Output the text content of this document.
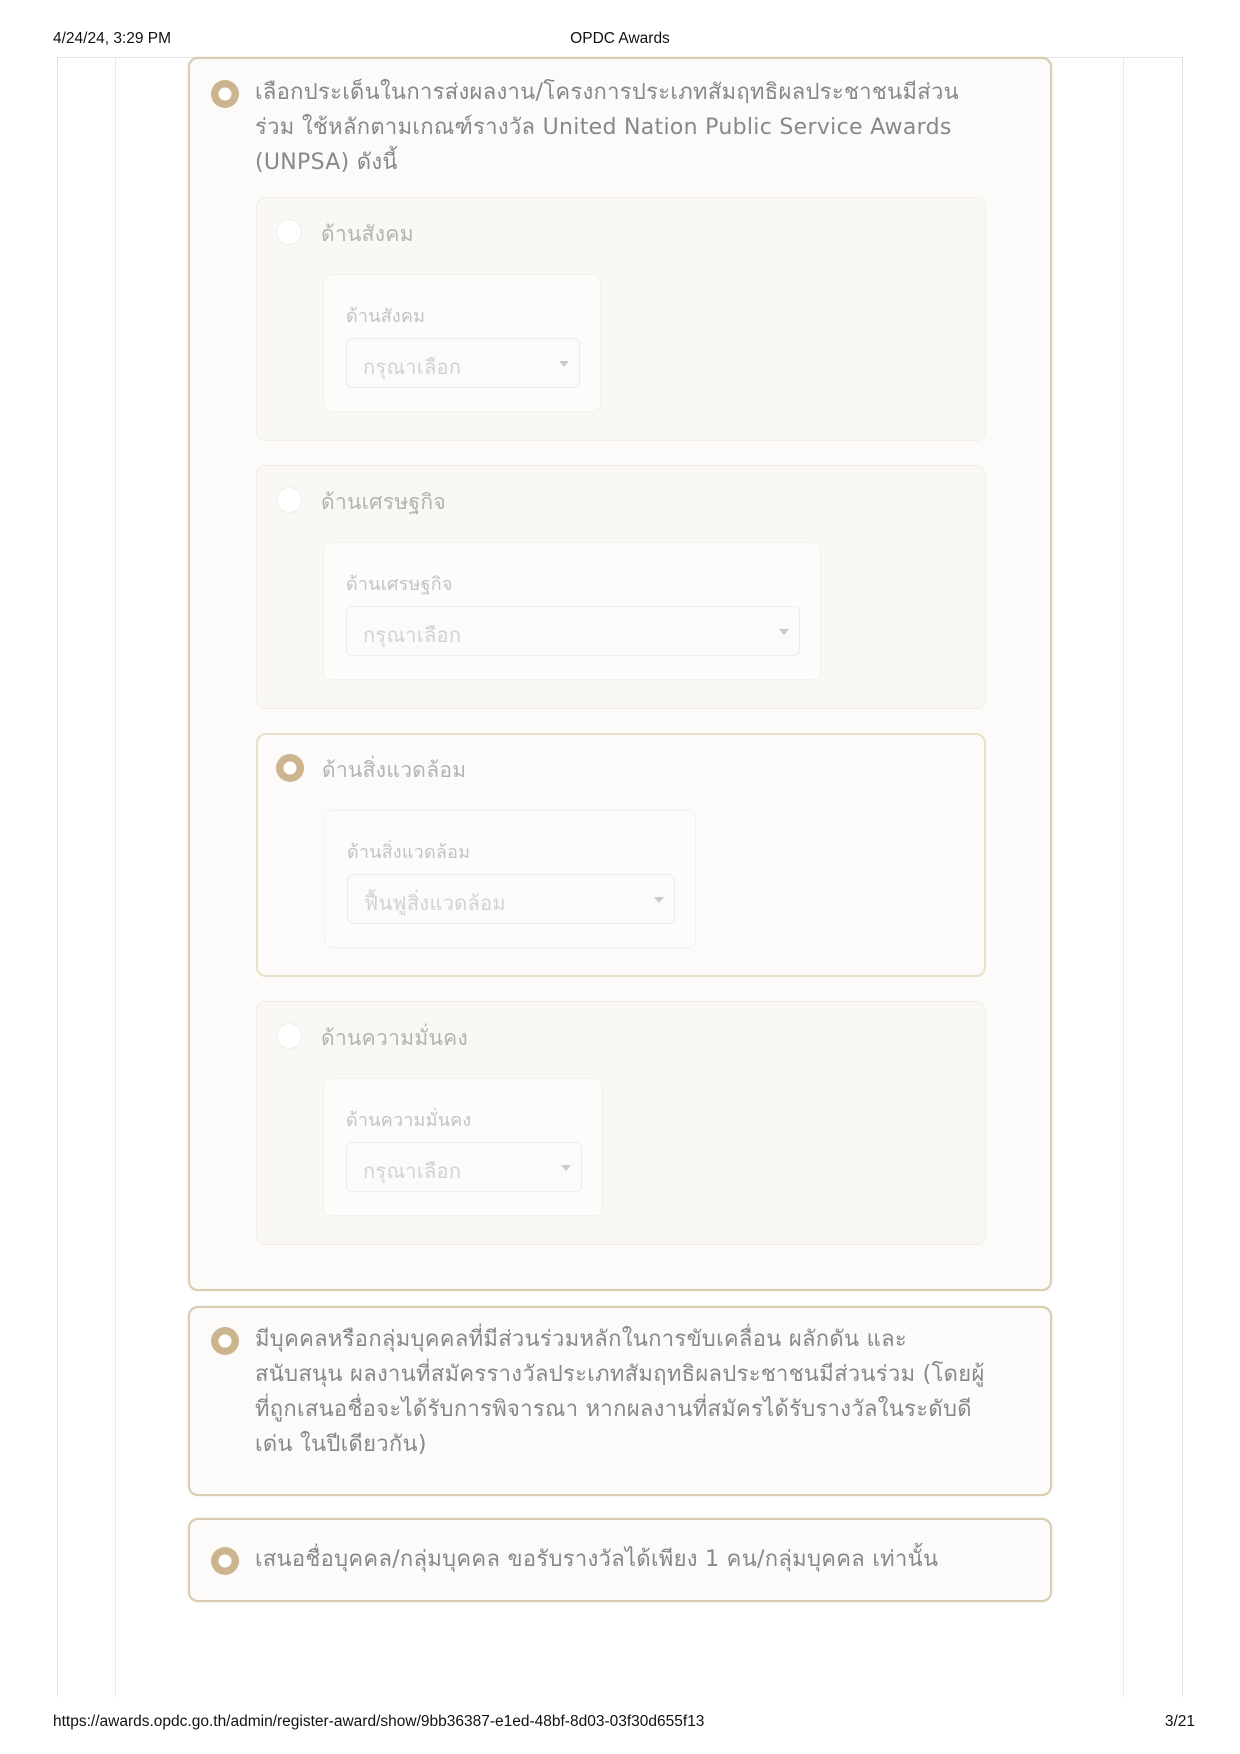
4/24/24, 3:29 PM	OPDC Awards
เลือกประเด็นในการส่งผลงาน/โครงการประเภทสัมฤทธิผลประชาชนมีส่วนร่วม ใช้หลักตามเกณฑ์รางวัล United Nation Public Service Awards (UNPSA) ดังนี้
ด้านสังคม
ด้านสังคม
กรุณาเลือก
ด้านเศรษฐกิจ
ด้านเศรษฐกิจ
กรุณาเลือก
ด้านสิ่งแวดล้อม
ด้านสิ่งแวดล้อม
ฟื้นฟูสิ่งแวดล้อม
ด้านความมั่นคง
ด้านความมั่นคง
กรุณาเลือก
มีบุคคลหรือกลุ่มบุคคลที่มีส่วนร่วมหลักในการขับเคลื่อน ผลักดัน และสนับสนุน ผลงานที่สมัครรางวัลประเภทสัมฤทธิผลประชาชนมีส่วนร่วม (โดยผู้ที่ถูกเสนอชื่อจะได้รับการพิจารณา หากผลงานที่สมัครได้รับรางวัลในระดับดีเด่น ในปีเดียวกัน)
เสนอชื่อบุคคล/กลุ่มบุคคล ขอรับรางวัลได้เพียง 1 คน/กลุ่มบุคคล เท่านั้น
https://awards.opdc.go.th/admin/register-award/show/9bb36387-e1ed-48bf-8d03-03f30d655f13	3/21
